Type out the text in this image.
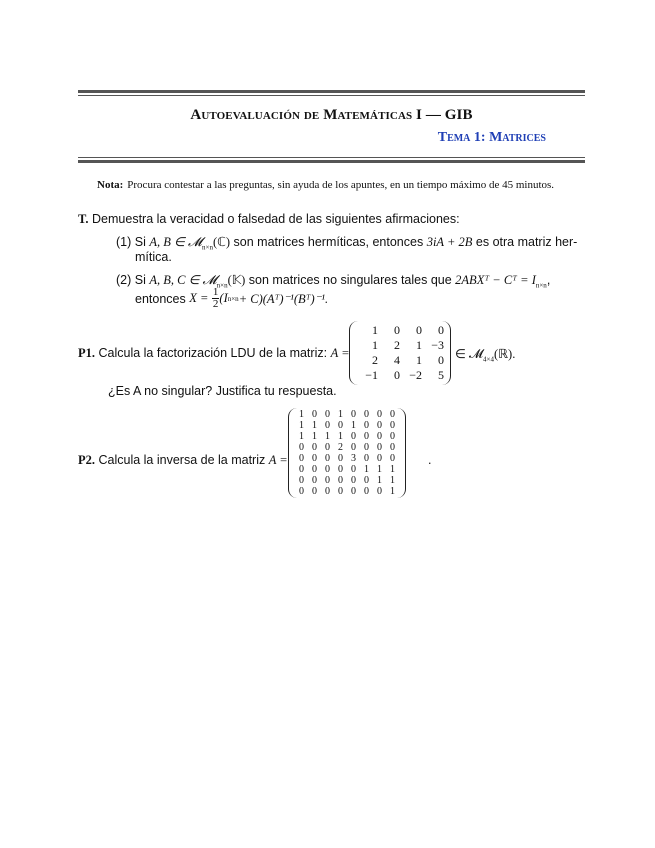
Autoevaluación de Matemáticas I — GIB
Tema 1: Matrices
Nota: Procura contestar a las preguntas, sin ayuda de los apuntes, en un tiempo máximo de 45 minutos.
T. Demuestra la veracidad o falsedad de las siguientes afirmaciones:
(1) Si A, B ∈ 𝓜$_{n\times n}$(ℂ) son matrices hermíticas, entonces 3iA + 2B es otra matriz her-
mítica.
(2) Si A, B, C ∈ 𝓜$_{n\times n}$(𝕂) son matrices no singulares tales que 2ABXᵀ − Cᵀ = $I_{n\times n}$,
entonces
X =
$\frac{1}{2} (I$ n×n + C)(Aᵀ)⁻¹(Bᵀ)⁻¹.
P1. Calcula la factorización LDU de la matriz: A =
1	0	0	0
1	2	1	−3
2	4	1	0
−1	0	−2	5
∈ 𝓜$_{4\times 4}$(ℝ).
¿Es A no singular? Justifica tu respuesta.
P2. Calcula la inversa de la matriz A =
1	0	0	1	0	0	0	0
1	1	0	0	1	0	0	0
1	1	1	1	0	0	0	0
0	0	0	2	0	0	0	0
0	0	0	0	3	0	0	0
0	0	0	0	0	1	1	1
0	0	0	0	0	0	1	1
0	0	0	0	0	0	0	1
.
